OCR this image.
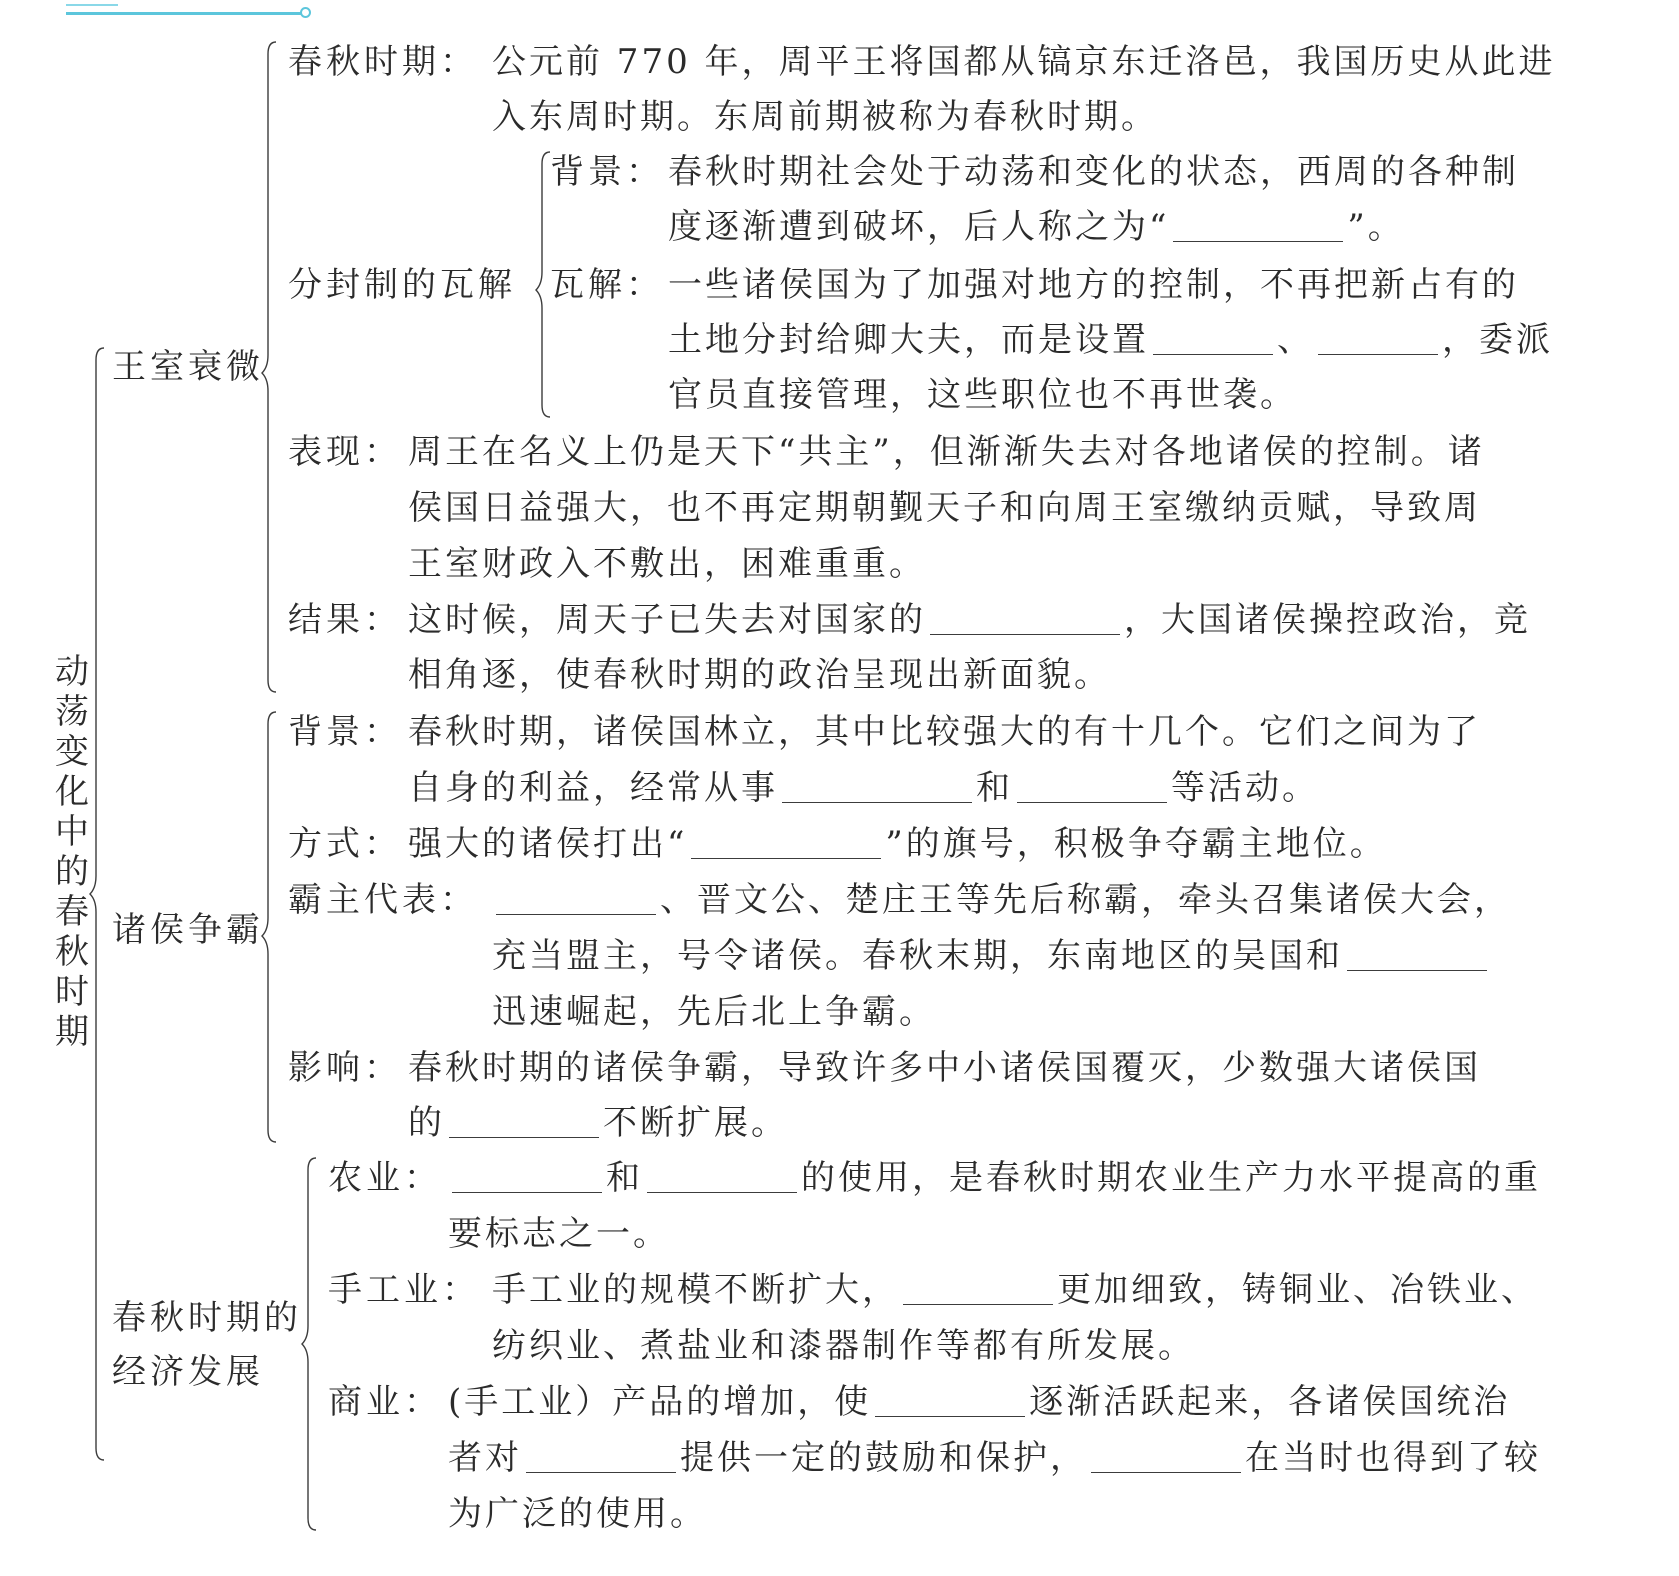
动荡变化中的春秋时期
王室衰微
春秋时期： 公元前 770 年，周平王将国都从镐京东迁洛邑，我国历史从此进
入东周时期。东周前期被称为春秋时期。
分封制的瓦解
背景： 春秋时期社会处于动荡和变化的状态，西周的各种制
度逐渐遭到破坏，后人称之为“	”。
瓦解： 一些诸侯国为了加强对地方的控制，不再把新占有的
土地分封给卿大夫，而是设置	、	，委派
官员直接管理，这些职位也不再世袭。
表现： 周王在名义上仍是天下“共主”，但渐渐失去对各地诸侯的控制。诸
侯国日益强大，也不再定期朝觐天子和向周王室缴纳贡赋，导致周
王室财政入不敷出，困难重重。
结果： 这时候，周天子已失去对国家的	，大国诸侯操控政治，竞
相角逐，使春秋时期的政治呈现出新面貌。
诸侯争霸
背景： 春秋时期，诸侯国林立，其中比较强大的有十几个。它们之间为了
自身的利益，经常从事	和	等活动。
方式： 强大的诸侯打出“	”的旗号，积极争夺霸主地位。
霸主代表：	、晋文公、楚庄王等先后称霸，牵头召集诸侯大会，
充当盟主，号令诸侯。春秋末期，东南地区的吴国和
迅速崛起，先后北上争霸。
影响： 春秋时期的诸侯争霸，导致许多中小诸侯国覆灭，少数强大诸侯国
的	不断扩展。
春秋时期的
经济发展
农业：	和	的使用，是春秋时期农业生产力水平提高的重
要标志之一。
手工业： 手工业的规模不断扩大，	更加细致，铸铜业、冶铁业、
纺织业、煮盐业和漆器制作等都有所发展。
商业： (手工业）产品的增加，使	逐渐活跃起来，各诸侯国统治
者对	提供一定的鼓励和保护，	在当时也得到了较
为广泛的使用。
